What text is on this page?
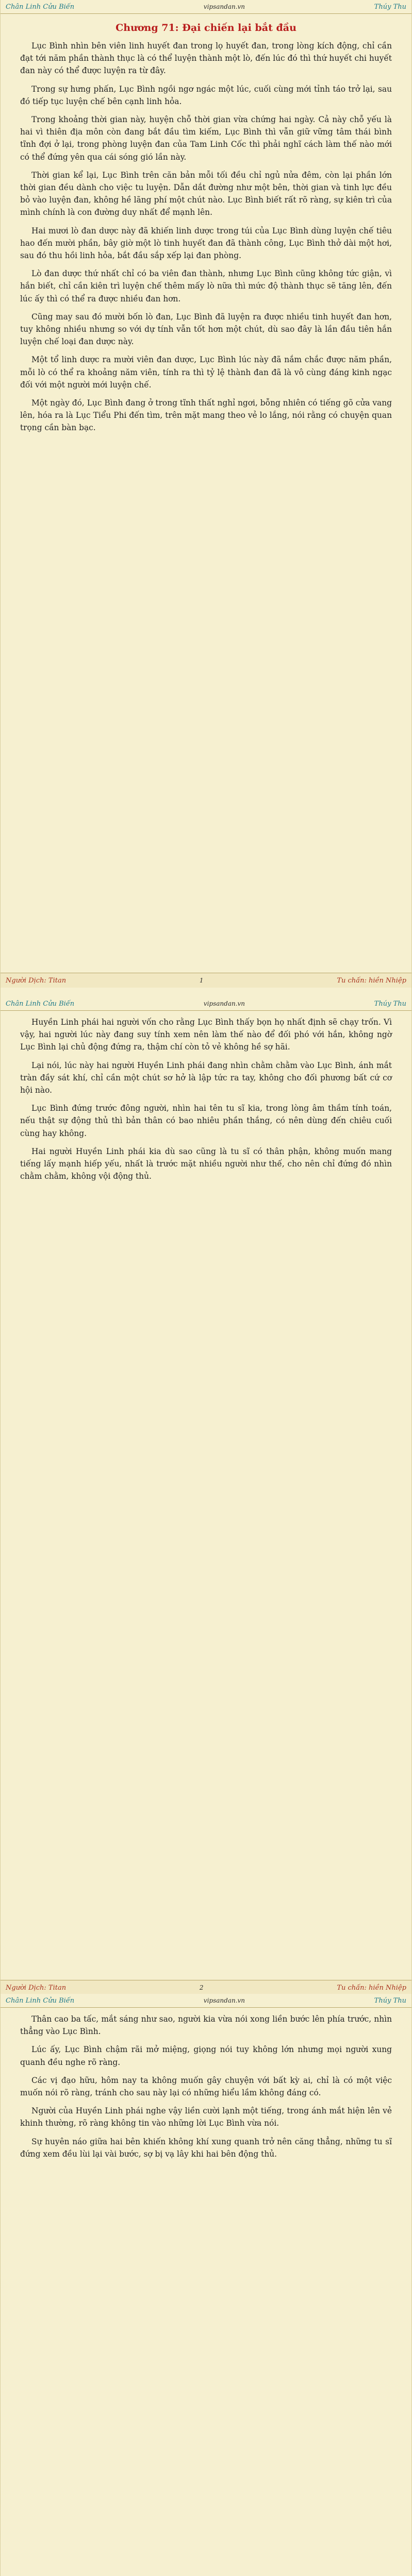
Chân Linh Cửu Biến	vipsandan.vn	Thúy Thu
Chương 71: Đại chiến lại bắt đầu

Lục Bình nhìn bên viên linh huyết đan trong lọ huyết đan, trong lòng kích động, chỉ cần đạt tới năm phần thành thục là có thể luyện thành một lò, đến lúc đó thì thứ huyết chi huyết đan này có thể được luyện ra từ đây.

Trong sự hưng phấn, Lục Bình ngồi ngơ ngác một lúc, cuối cùng mới tỉnh táo trở lại, sau đó tiếp tục luyện chế bên cạnh linh hỏa.

Trong khoảng thời gian này, huyện chỗ thời gian vừa chứng hai ngày. Cả này chỗ yếu là hai vì thiên địa môn còn đang bắt đầu tìm kiếm, Lục Bình thì vẫn giữ vững tâm thái bình tĩnh đợi ở lại, trong phòng luyện đan của Tam Linh Cốc thì phải nghĩ cách làm thế nào mới có thể đứng yên qua cái sóng gió lần này.

Thời gian kể lại, Lục Bình trên căn bản mỗi tối đều chỉ ngủ nửa đêm, còn lại phần lớn thời gian đều dành cho việc tu luyện. Dẫn dắt đường như một bên, thời gian và tinh lực đều bỏ vào luyện đan, không hề lãng phí một chút nào. Lục Bình biết rất rõ ràng, sự kiên trì của mình chính là con đường duy nhất để mạnh lên.

Hai mươi lò đan dược này đã khiến linh dược trong túi của Lục Bình dùng luyện chế tiêu hao đến mười phần, bây giờ một lò tinh huyết đan đã thành công, Lục Bình thở dài một hơi, sau đó thu hồi linh hỏa, bắt đầu sắp xếp lại đan phòng.

Lò đan dược thứ nhất chỉ có ba viên đan thành, nhưng Lục Bình cũng không tức giận, vì hắn biết, chỉ cần kiên trì luyện chế thêm mấy lò nữa thì mức độ thành thục sẽ tăng lên, đến lúc ấy thì có thể ra được nhiều đan hơn.

Cũng may sau đó mười bốn lò đan, Lục Bình đã luyện ra được nhiều tinh huyết đan hơn, tuy không nhiều nhưng so với dự tính vẫn tốt hơn một chút, dù sao đây là lần đầu tiên hắn luyện chế loại đan dược này.

Một tổ linh dược ra mười viên đan dược, Lục Bình lúc này đã nắm chắc được năm phần, mỗi lò có thể ra khoảng năm viên, tính ra thì tỷ lệ thành đan đã là vô cùng đáng kinh ngạc đối với một người mới luyện chế.

Một ngày đó, Lục Bình đang ở trong tĩnh thất nghỉ ngơi, bỗng nhiên có tiếng gõ cửa vang lên, hóa ra là Lục Tiểu Phi đến tìm, trên mặt mang theo vẻ lo lắng, nói rằng có chuyện quan trọng cần bàn bạc.

Người Dịch: Titan	1	Tu chấn: hiền Nhiệp
Chân Linh Cửu Biến	vipsandan.vn	Thúy Thu

Huyền Linh phái hai người vốn cho rằng Lục Bình thấy bọn họ nhất định sẽ chạy trốn. Vì vậy, hai người lúc này đang suy tính xem nên làm thế nào để đối phó với hắn, không ngờ Lục Bình lại chủ động đứng ra, thậm chí còn tỏ vẻ không hề sợ hãi.

Lại nói, lúc này hai người Huyền Linh phái đang nhìn chằm chằm vào Lục Bình, ánh mắt tràn đầy sát khí, chỉ cần một chút sơ hở là lập tức ra tay, không cho đối phương bất cứ cơ hội nào.

Lục Bình đứng trước đông người, nhìn hai tên tu sĩ kia, trong lòng âm thầm tính toán, nếu thật sự động thủ thì bản thân có bao nhiêu phần thắng, có nên dùng đến chiêu cuối cùng hay không.

Hai người Huyền Linh phái kia dù sao cũng là tu sĩ có thân phận, không muốn mang tiếng lấy mạnh hiếp yếu, nhất là trước mặt nhiều người như thế, cho nên chỉ đứng đó nhìn chằm chằm, không vội động thủ.

Người Dịch: Titan	2	Tu chấn: hiền Nhiệp
Chân Linh Cửu Biến	vipsandan.vn	Thúy Thu

Thân cao ba tấc, mắt sáng như sao, người kia vừa nói xong liền bước lên phía trước, nhìn thẳng vào Lục Bình.

Lúc ấy, Lục Bình chậm rãi mở miệng, giọng nói tuy không lớn nhưng mọi người xung quanh đều nghe rõ ràng.

Các vị đạo hữu, hôm nay ta không muốn gây chuyện với bất kỳ ai, chỉ là có một việc muốn nói rõ ràng, tránh cho sau này lại có những hiểu lầm không đáng có.

Người của Huyền Linh phái nghe vậy liền cười lạnh một tiếng, trong ánh mắt hiện lên vẻ khinh thường, rõ ràng không tin vào những lời Lục Bình vừa nói.

Sự huyên náo giữa hai bên khiến không khí xung quanh trở nên căng thẳng, những tu sĩ đứng xem đều lùi lại vài bước, sợ bị vạ lây khi hai bên động thủ.
